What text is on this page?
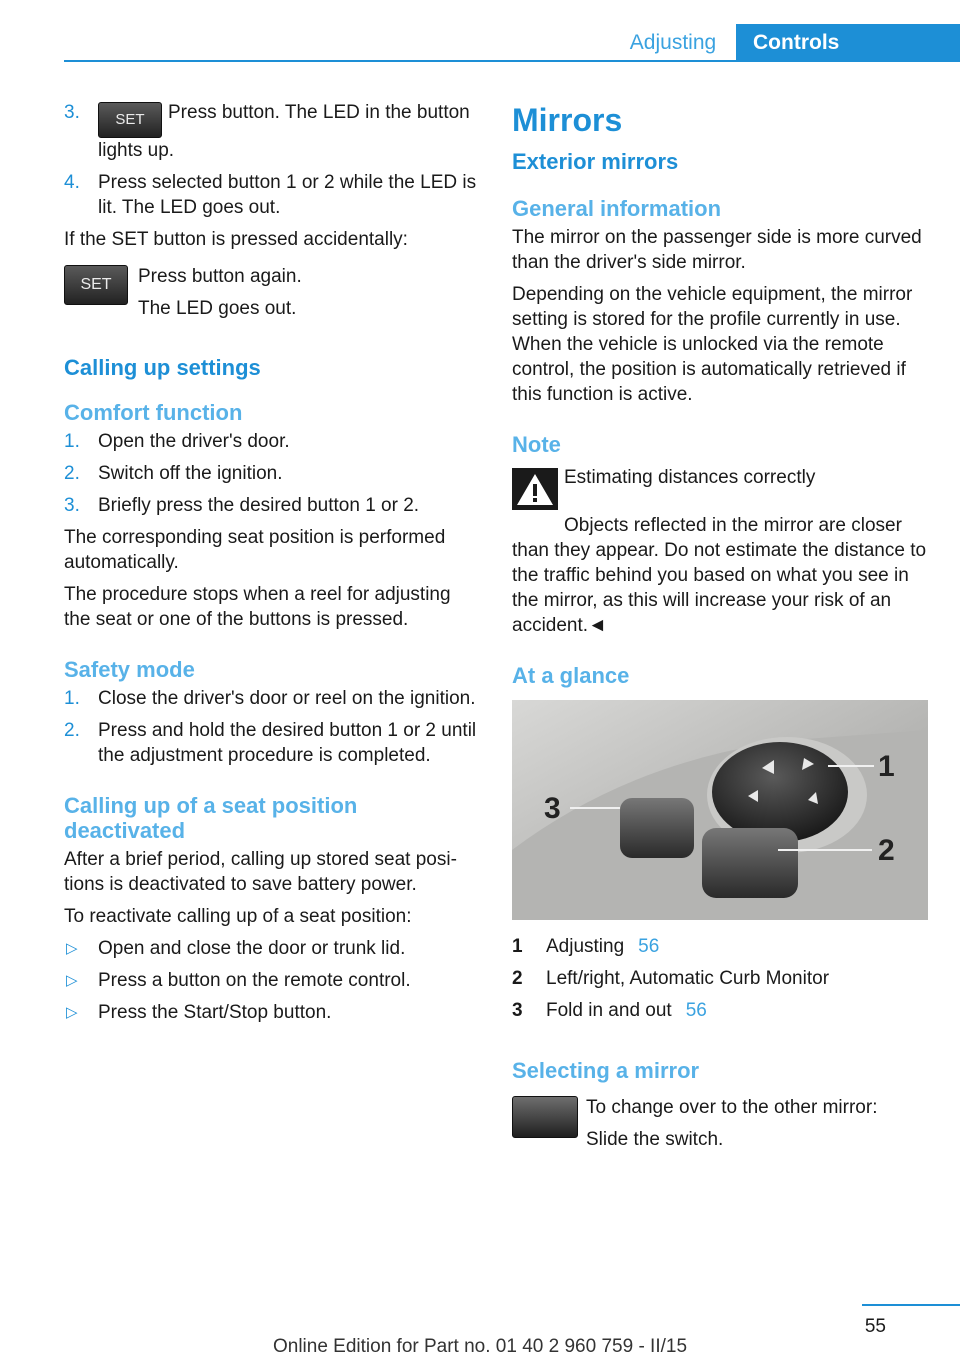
Adjusting	Controls
3. SET Press button. The LED in the button lights up.
4. Press selected button 1 or 2 while the LED is lit. The LED goes out.

If the SET button is pressed accidentally:

SET	Press button again.

The LED goes out.

Calling up settings
Comfort function
1. Open the driver's door.
2. Switch off the ignition.
3. Briefly press the desired button 1 or 2.

The corresponding seat position is performed automatically.

The procedure stops when a reel for adjusting the seat or one of the buttons is pressed.

Safety mode
1. Close the driver's door or reel on the ignition.
2. Press and hold the desired button 1 or 2 until the adjustment procedure is completed.
Calling up of a seat position deactivated

After a brief period, calling up stored seat positions is deactivated to save battery power.

To reactivate calling up of a seat position:

▷ Open and close the door or trunk lid.
▷ Press a button on the remote control.
▷ Press the Start/Stop button.
Mirrors
Exterior mirrors
General information

The mirror on the passenger side is more curved than the driver's side mirror.

Depending on the vehicle equipment, the mirror setting is stored for the profile currently in use. When the vehicle is unlocked via the remote control, the position is automatically retrieved if this function is active.

Note

Estimating distances correctly

Objects reflected in the mirror are closer than they appear. Do not estimate the distance to the traffic behind you based on what you see in the mirror, as this will increase your risk of an accident.◄

At a glance
1
2
3
1	Adjusting 56
2	Left/right, Automatic Curb Monitor
3	Fold in and out 56
Selecting a mirror

To change over to the other mirror:

Slide the switch.

55
Online Edition for Part no. 01 40 2 960 759 - II/15
